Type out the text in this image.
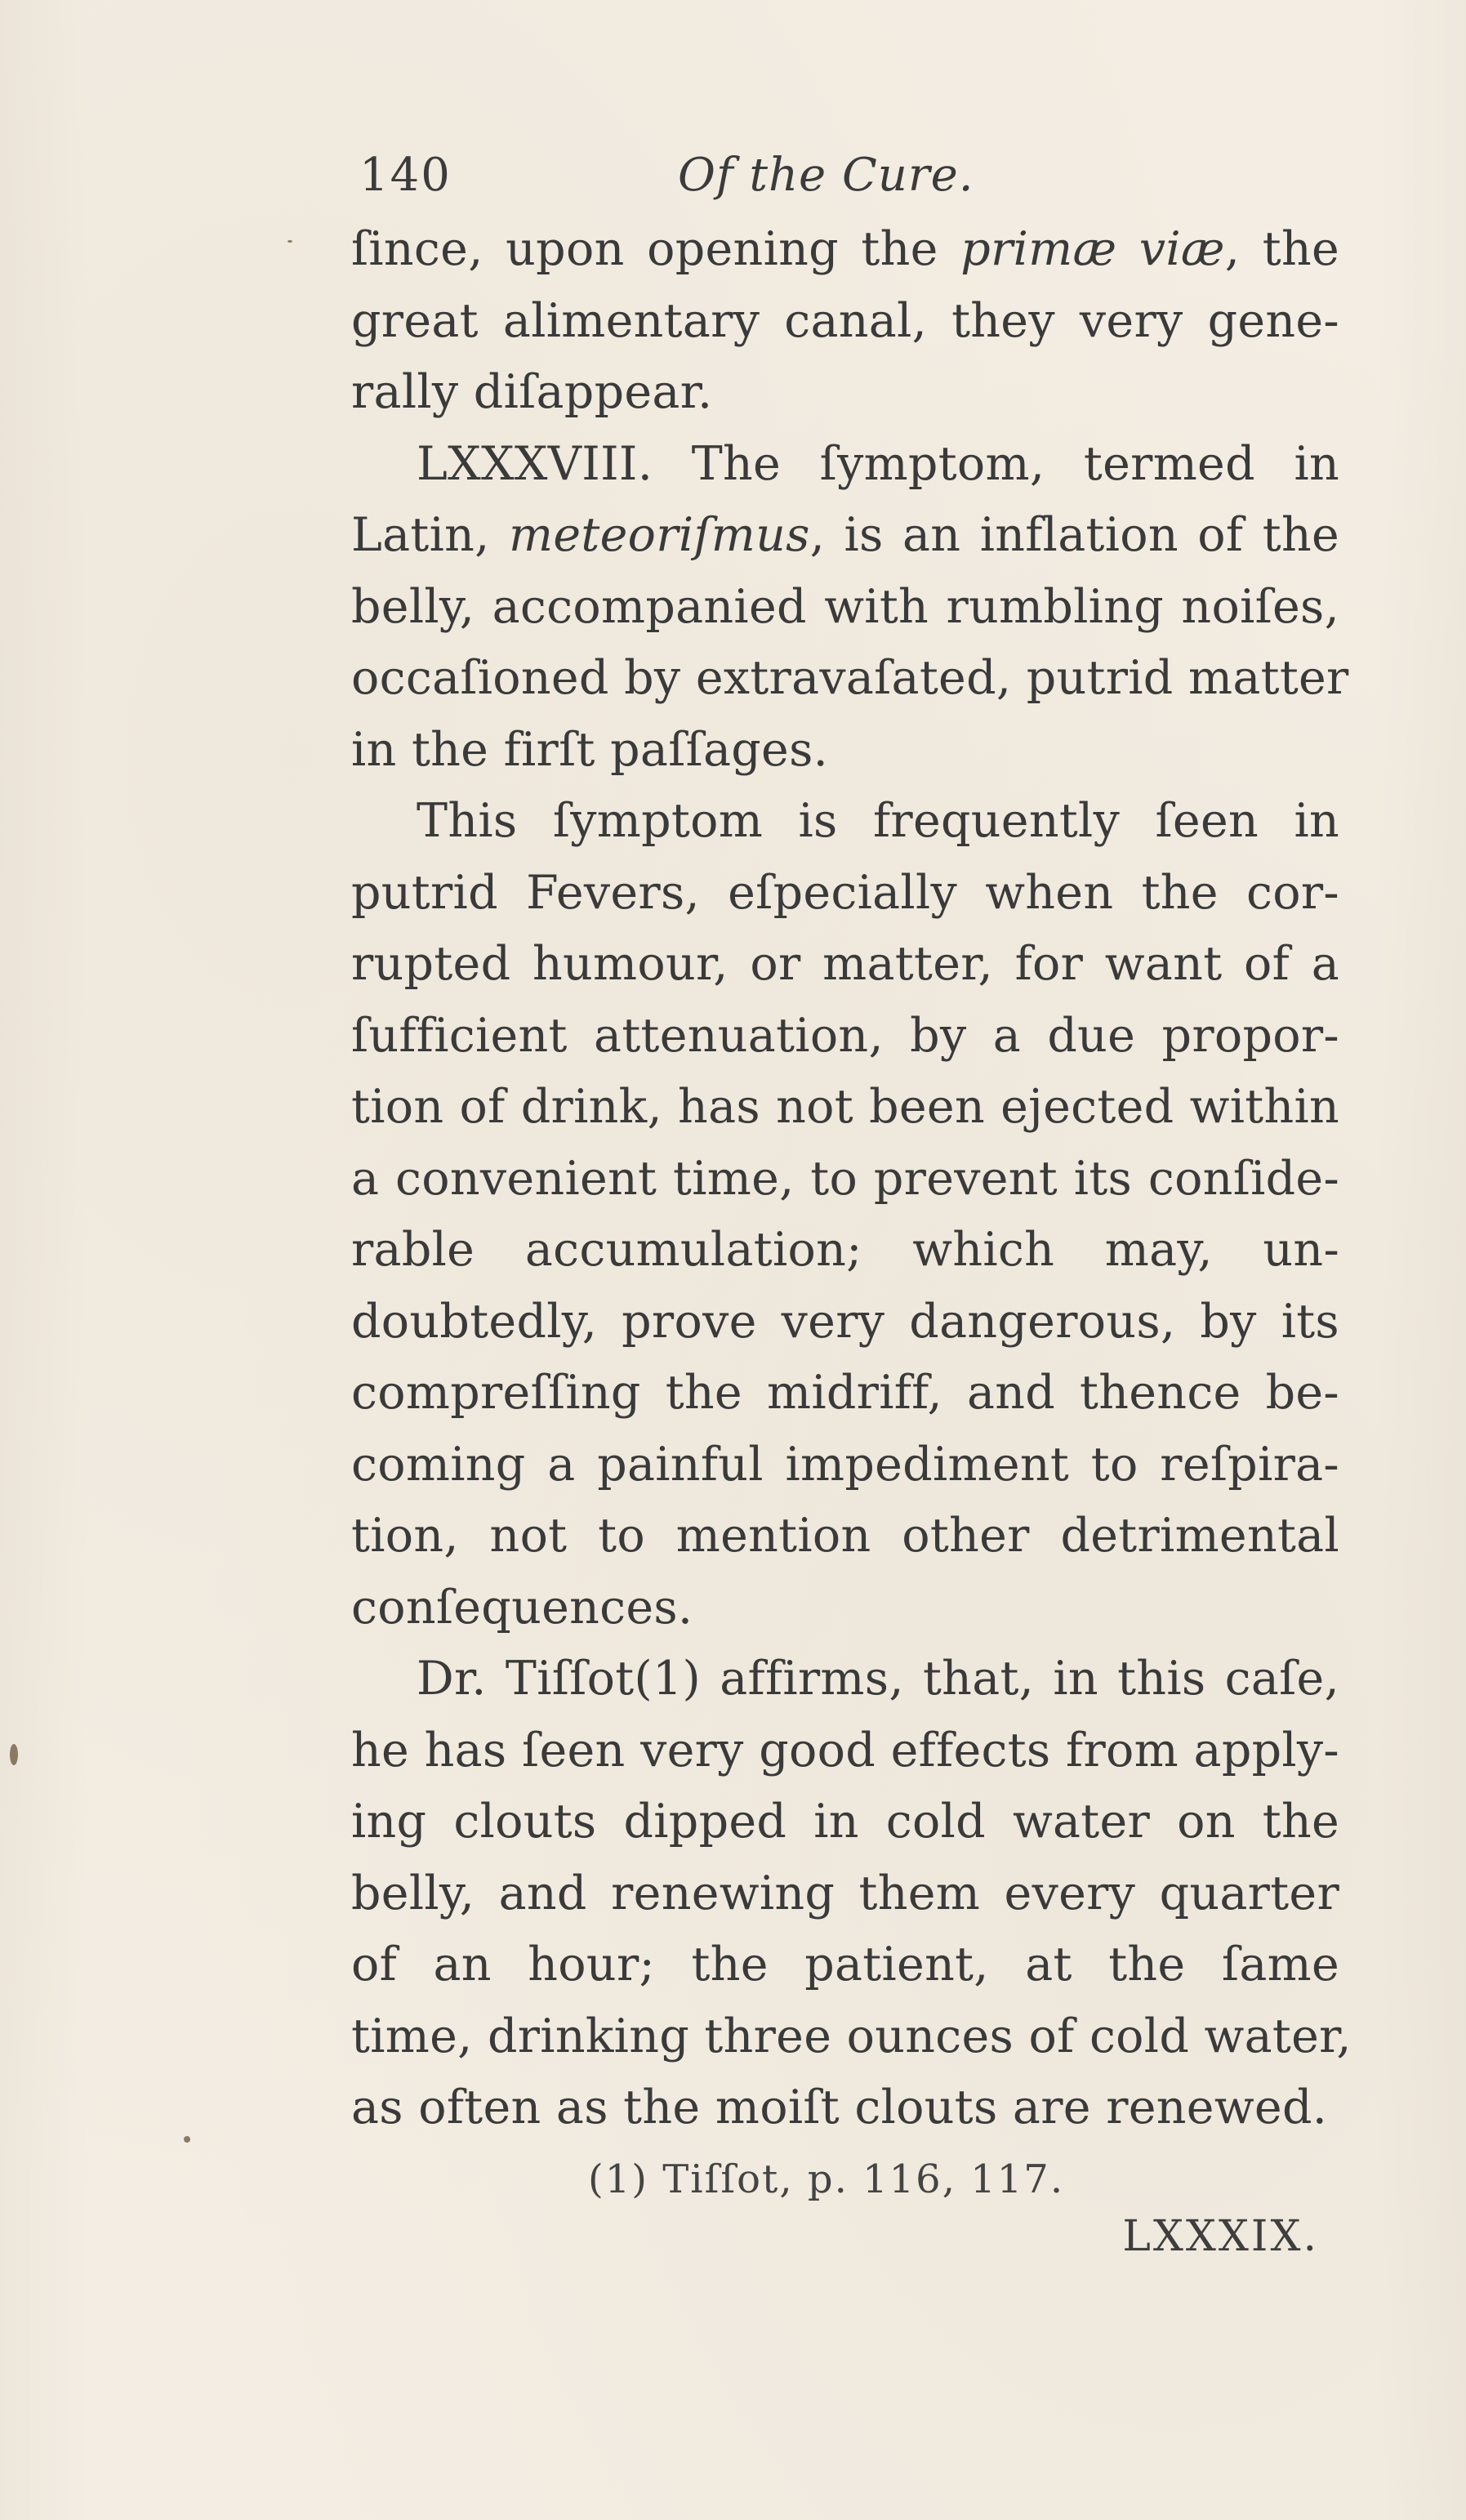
140	Of the Cure.
ſince, upon opening the primæ viæ, the
great alimentary canal, they very gene-
rally diſappear.
LXXXVIII. The ſymptom, termed in
Latin, meteoriſmus, is an inflation of the
belly, accompanied with rumbling noiſes,
occaſioned by extravaſated, putrid matter
in the firſt paſſages.
This ſymptom is frequently ſeen in
putrid Fevers, eſpecially when the cor-
rupted humour, or matter, for want of a
ſufficient attenuation, by a due propor-
tion of drink, has not been ejected within
a convenient time, to prevent its conſide-
rable accumulation; which may, un-
doubtedly, prove very dangerous, by its
compreſſing the midriff, and thence be-
coming a painful impediment to reſpira-
tion, not to mention other detrimental
conſequences.
Dr. Tiſſot(1) affirms, that, in this caſe,
he has ſeen very good effects from apply-
ing clouts dipped in cold water on the
belly, and renewing them every quarter
of an hour; the patient, at the ſame
time, drinking three ounces of cold water,
as often as the moiſt clouts are renewed.
(1) Tiſſot, p. 116, 117.
LXXXIX.
